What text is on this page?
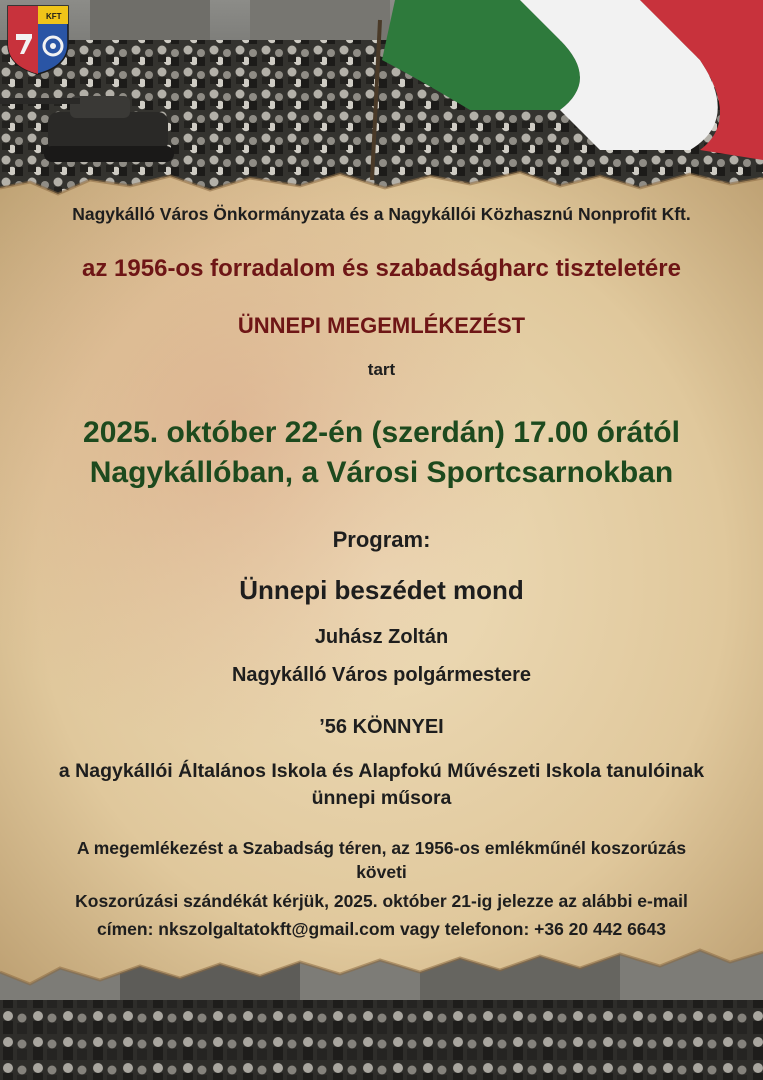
KFT

Nagykálló Város Önkormányzata és a Nagykállói Közhasznú Nonprofit Kft.

az 1956-os forradalom és szabadságharc tiszteletére

ÜNNEPI MEGEMLÉKEZÉST

tart

2025. október 22-én (szerdán) 17.00 órától

Nagykállóban, a Városi Sportcsarnokban

Program:

Ünnepi beszédet mond

Juhász Zoltán

Nagykálló Város polgármestere

’56 KÖNNYEI

a Nagykállói Általános Iskola és Alapfokú Művészeti Iskola tanulóinak

ünnepi műsora

A megemlékezést a Szabadság téren, az 1956-os emlékműnél koszorúzás

követi

Koszorúzási szándékát kérjük, 2025. október 21-ig jelezze az alábbi e-mail

címen: nkszolgaltatokft@gmail.com vagy telefonon: +36 20 442 6643
